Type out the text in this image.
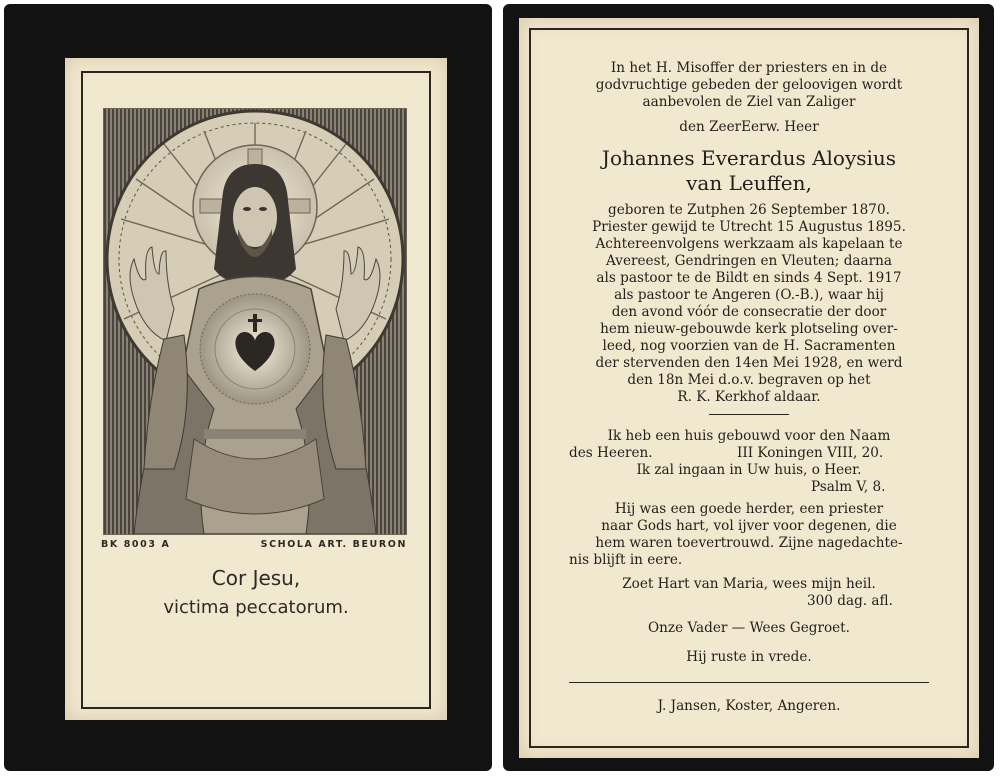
BK 8003 A	SCHOLA ART. BEURON
Cor Jesu,
victima peccatorum.
In het H. Misoffer der priesters en in de
godvruchtige gebeden der geloovigen wordt
aanbevolen de Ziel van Zaliger
den ZeerEerw. Heer
Johannes Everardus Aloysius
van Leuffen,
geboren te Zutphen 26 September 1870.
Priester gewijd te Utrecht 15 Augustus 1895.
Achtereenvolgens werkzaam als kapelaan te
Avereest, Gendringen en Vleuten; daarna
als pastoor te de Bildt en sinds 4 Sept. 1917
als pastoor te Angeren (O.-B.), waar hij
den avond vóór de consecratie der door
hem nieuw-gebouwde kerk plotseling over-
leed, nog voorzien van de H. Sacramenten
der stervenden den 14en Mei 1928, en werd
den 18n Mei d.o.v. begraven op het
R. K. Kerkhof aldaar.
Ik heb een huis gebouwd voor den Naam
des Heeren.	III Koningen VIII, 20.
Ik zal ingaan in Uw huis, o Heer.
Psalm V, 8.
Hij was een goede herder, een priester
naar Gods hart, vol ijver voor degenen, die
hem waren toevertrouwd. Zijne nagedachte-
nis blijft in eere.
Zoet Hart van Maria, wees mijn heil.
300 dag. afl.
Onze Vader — Wees Gegroet.
Hij ruste in vrede.
J. Jansen, Koster, Angeren.
